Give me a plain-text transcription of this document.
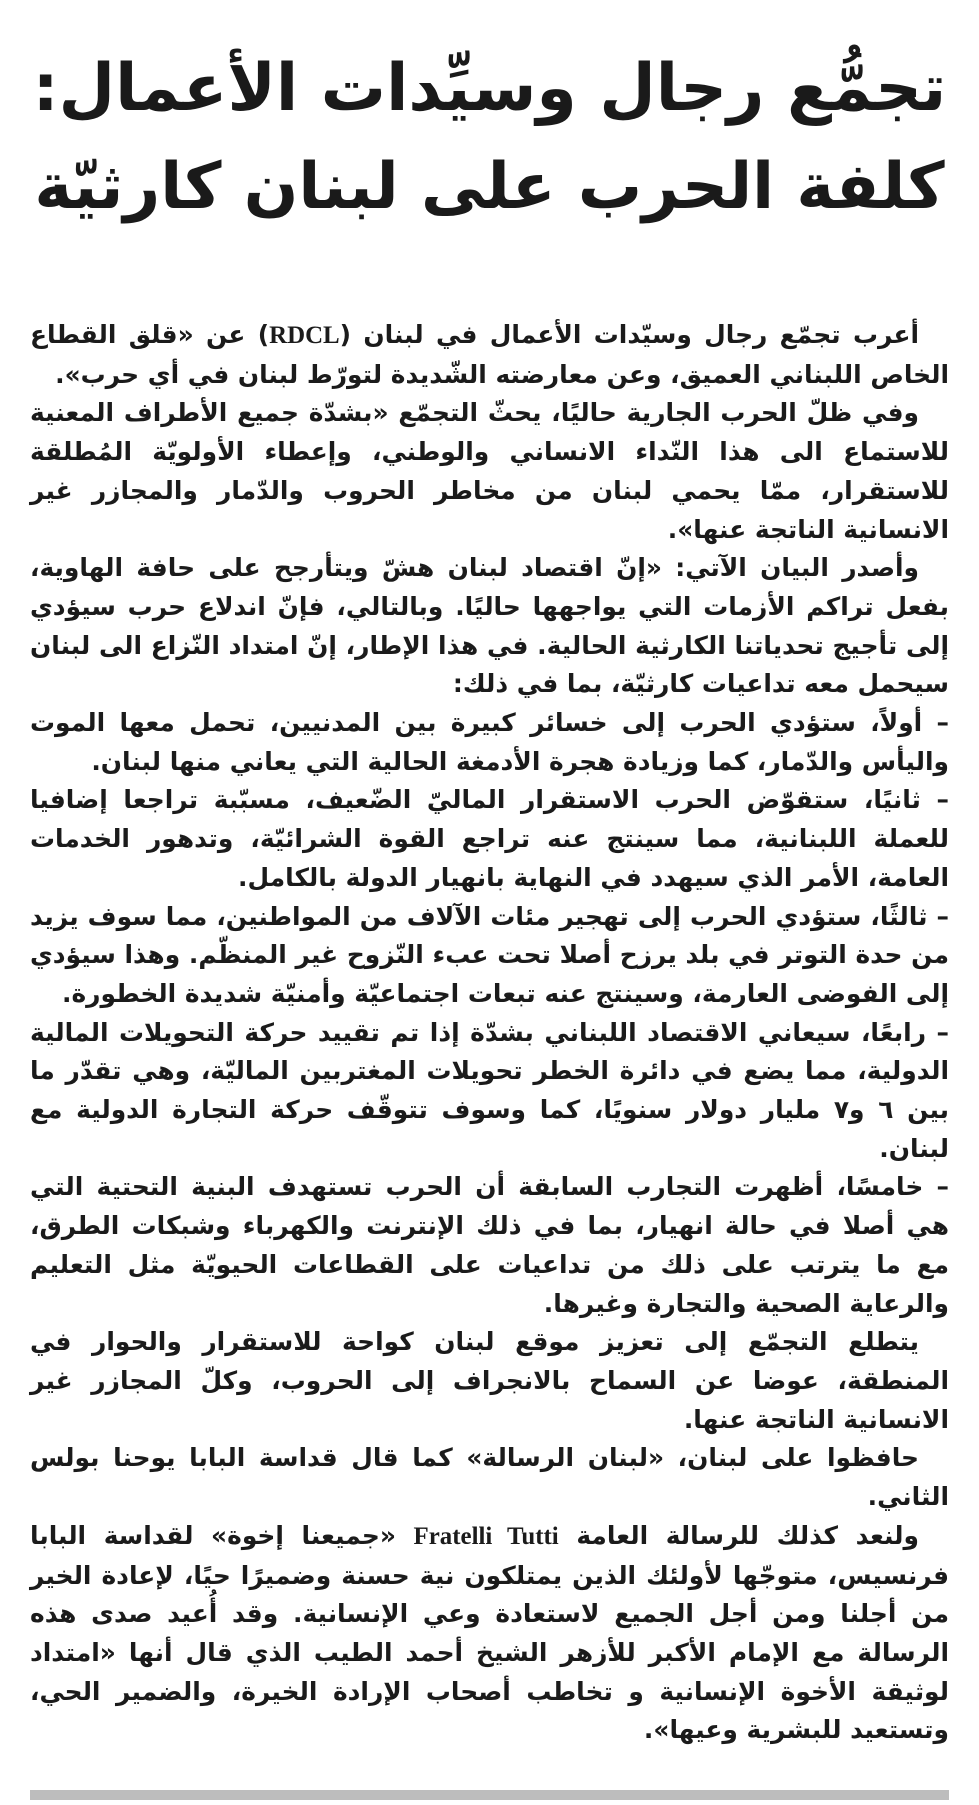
تجمُّع رجال وسيِّدات الأعمال:
كلفة الحرب على لبنان كارثيّة

أعرب تجمّع رجال وسيّدات الأعمال في لبنان (RDCL) عن «قلق القطاع الخاص اللبناني العميق، وعن معارضته الشّديدة لتورّط لبنان في أي حرب».

وفي ظلّ الحرب الجارية حاليًا، يحثّ التجمّع «بشدّة جميع الأطراف المعنية للاستماع الى هذا النّداء الانساني والوطني، وإعطاء الأولويّة المُطلقة للاستقرار، ممّا يحمي لبنان من مخاطر الحروب والدّمار والمجازر غير الانسانية الناتجة عنها».

وأصدر البيان الآتي: «إنّ اقتصاد لبنان هشّ ويتأرجح على حافة الهاوية، بفعل تراكم الأزمات التي يواجهها حاليًا. وبالتالي، فإنّ اندلاع حرب سيؤدي إلى تأجيج تحدياتنا الكارثية الحالية. في هذا الإطار، إنّ امتداد النّزاع الى لبنان سيحمل معه تداعيات كارثيّة، بما في ذلك:

– أولاً، ستؤدي الحرب إلى خسائر كبيرة بين المدنيين، تحمل معها الموت واليأس والدّمار، كما وزيادة هجرة الأدمغة الحالية التي يعاني منها لبنان.

– ثانيًا، ستقوّض الحرب الاستقرار الماليّ الضّعيف، مسبّبة تراجعا إضافيا للعملة اللبنانية، مما سينتج عنه تراجع القوة الشرائيّة، وتدهور الخدمات العامة، الأمر الذي سيهدد في النهاية بانهيار الدولة بالكامل.

– ثالثًا، ستؤدي الحرب إلى تهجير مئات الآلاف من المواطنين، مما سوف يزيد من حدة التوتر في بلد يرزح أصلا تحت عبء النّزوح غير المنظّم. وهذا سيؤدي إلى الفوضى العارمة، وسينتج عنه تبعات اجتماعيّة وأمنيّة شديدة الخطورة.

– رابعًا، سيعاني الاقتصاد اللبناني بشدّة إذا تم تقييد حركة التحويلات المالية الدولية، مما يضع في دائرة الخطر تحويلات المغتربين الماليّة، وهي تقدّر ما بين ٦ و٧ مليار دولار سنويًا، كما وسوف تتوقّف حركة التجارة الدولية مع لبنان.

– خامسًا، أظهرت التجارب السابقة أن الحرب تستهدف البنية التحتية التي هي أصلا في حالة انهيار، بما في ذلك الإنترنت والكهرباء وشبكات الطرق، مع ما يترتب على ذلك من تداعيات على القطاعات الحيويّة مثل التعليم والرعاية الصحية والتجارة وغيرها.

يتطلع التجمّع إلى تعزيز موقع لبنان كواحة للاستقرار والحوار في المنطقة، عوضا عن السماح بالانجراف إلى الحروب، وكلّ المجازر غير الانسانية الناتجة عنها.

حافظوا على لبنان، «لبنان الرسالة» كما قال قداسة البابا يوحنا بولس الثاني.

ولنعد كذلك للرسالة العامة Fratelli Tutti «جميعنا إخوة» لقداسة البابا فرنسيس، متوجّها لأولئك الذين يمتلكون نية حسنة وضميرًا حيًا، لإعادة الخير من أجلنا ومن أجل الجميع لاستعادة وعي الإنسانية. وقد أُعيد صدى هذه الرسالة مع الإمام الأكبر للأزهر الشيخ أحمد الطيب الذي قال أنها «امتداد لوثيقة الأخوة الإنسانية و تخاطب أصحاب الإرادة الخيرة، والضمير الحي، وتستعيد للبشرية وعيها».
